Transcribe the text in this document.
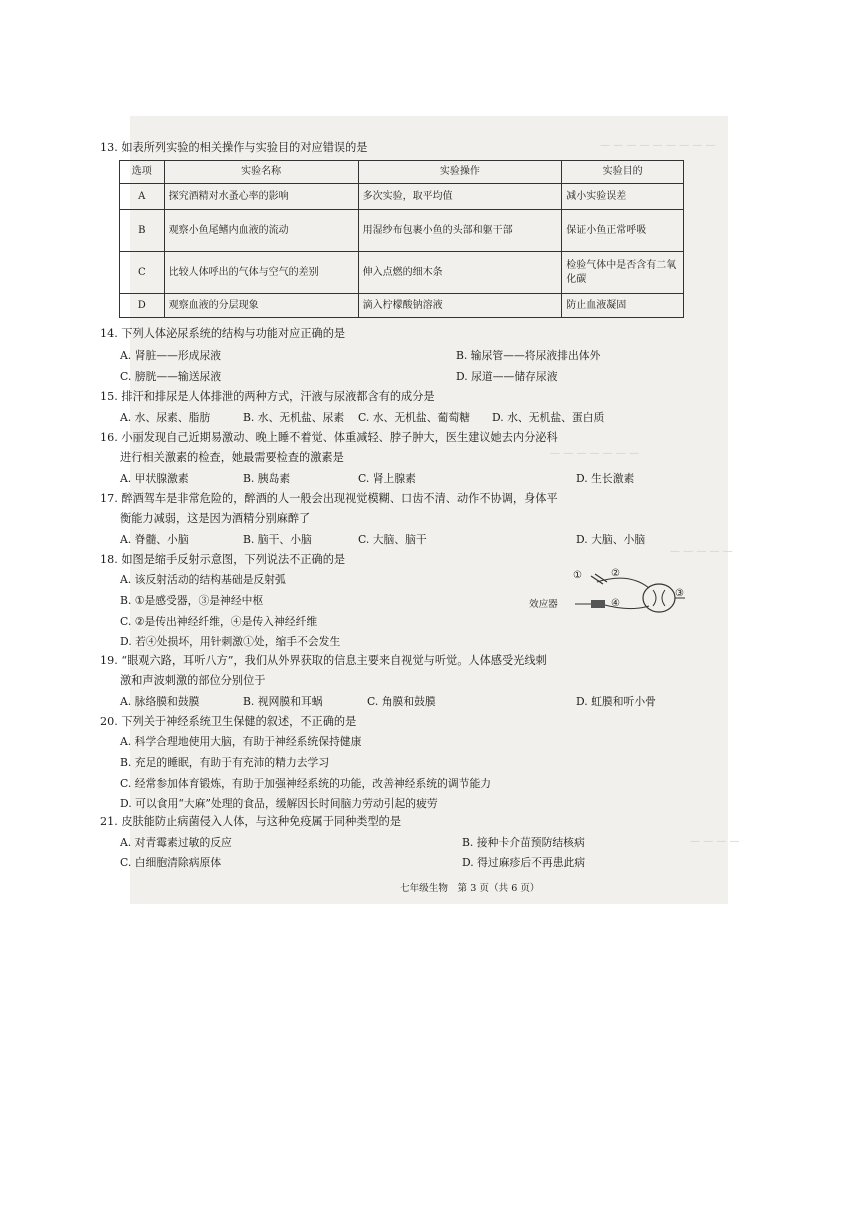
— — — — — — — — —
— — — — — — —
— — — — —
— — — —
13. 如表所列实验的相关操作与实验目的对应错误的是
选项	实验名称	实验操作	实验目的
A	探究酒精对水蚤心率的影响	多次实验，取平均值	减小实验误差
B	观察小鱼尾鳍内血液的流动	用湿纱布包裹小鱼的头部和躯干部	保证小鱼正常呼吸
C	比较人体呼出的气体与空气的差别	伸入点燃的细木条	检验气体中是否含有二氧化碳
D	观察血液的分层现象	滴入柠檬酸钠溶液	防止血液凝固
14. 下列人体泌尿系统的结构与功能对应正确的是
A. 肾脏——形成尿液	B. 输尿管——将尿液排出体外
C. 膀胱——输送尿液	D. 尿道——储存尿液
15. 排汗和排尿是人体排泄的两种方式，汗液与尿液都含有的成分是
A. 水、尿素、脂肪	B. 水、无机盐、尿素 C. 水、无机盐、葡萄糖 D. 水、无机盐、蛋白质
16. 小丽发现自己近期易激动、晚上睡不着觉、体重减轻、脖子肿大，医生建议她去内分泌科
进行相关激素的检查，她最需要检查的激素是
A. 甲状腺激素	B. 胰岛素	C. 肾上腺素	D. 生长激素
17. 醉酒驾车是非常危险的，醉酒的人一般会出现视觉模糊、口齿不清、动作不协调，身体平
衡能力减弱，这是因为酒精分别麻醉了
A. 脊髓、小脑	B. 脑干、小脑	C. 大脑、脑干	D. 大脑、小脑
18. 如图是缩手反射示意图，下列说法不正确的是
A. 该反射活动的结构基础是反射弧
B. ①是感受器，③是神经中枢
C. ②是传出神经纤维，④是传入神经纤维
D. 若④处损坏，用针刺激①处，缩手不会发生
①	②
③
④
效应器
19. “眼观六路，耳听八方”，我们从外界获取的信息主要来自视觉与听觉。人体感受光线刺
激和声波刺激的部位分别位于
A. 脉络膜和鼓膜	B. 视网膜和耳蜗	C. 角膜和鼓膜	D. 虹膜和听小骨
20. 下列关于神经系统卫生保健的叙述，不正确的是
A. 科学合理地使用大脑，有助于神经系统保持健康
B. 充足的睡眠，有助于有充沛的精力去学习
C. 经常参加体育锻炼，有助于加强神经系统的功能，改善神经系统的调节能力
D. 可以食用“大麻”处理的食品，缓解因长时间脑力劳动引起的疲劳
21. 皮肤能防止病菌侵入人体，与这种免疫属于同种类型的是
A. 对青霉素过敏的反应	B. 接种卡介苗预防结核病
C. 白细胞清除病原体	D. 得过麻疹后不再患此病
七年级生物　第 3 页（共 6 页）
